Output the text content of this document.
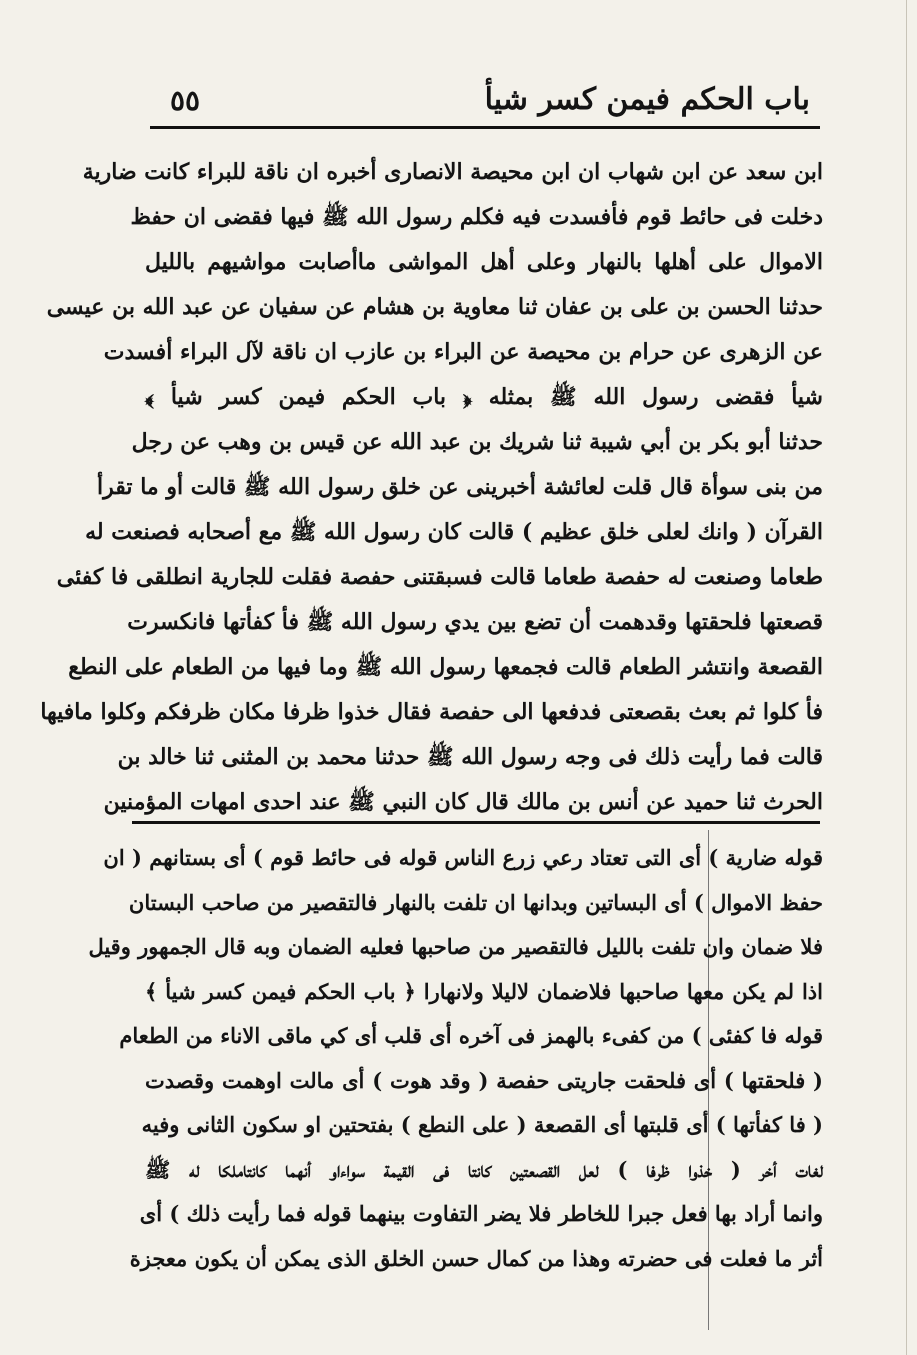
باب الحكم فيمن كسر شيأ
٥٥
ابن سعد عن ابن شهاب ان ابن محيصة الانصارى أخبره ان ناقة للبراء كانت ضارية
دخلت فى حائط قوم فأفسدت فيه فكلم رسول الله ﷺ فيها فقضى ان حفظ
الاموال على أهلها بالنهار وعلى أهل المواشى ماأصابت مواشيهم بالليل
حدثنا الحسن بن على بن عفان ثنا معاوية بن هشام عن سفيان عن عبد الله بن عيسى
عن الزهرى عن حرام بن محيصة عن البراء بن عازب ان ناقة لآل البراء أفسدت
شيأ فقضى رسول الله ﷺ بمثله ﴿ باب الحكم فيمن كسر شيأ ﴾
حدثنا أبو بكر بن أبي شيبة ثنا شريك بن عبد الله عن قيس بن وهب عن رجل
من بنى سوأة قال قلت لعائشة أخبرينى عن خلق رسول الله ﷺ قالت أو ما تقرأ
القرآن ( وانك لعلى خلق عظيم ) قالت كان رسول الله ﷺ مع أصحابه فصنعت له
طعاما وصنعت له حفصة طعاما قالت فسبقتنى حفصة فقلت للجارية انطلقى فا كفئى
قصعتها فلحقتها وقدهمت أن تضع بين يدي رسول الله ﷺ فأ كفأتها فانكسرت
القصعة وانتشر الطعام قالت فجمعها رسول الله ﷺ وما فيها من الطعام على النطع
فأ كلوا ثم بعث بقصعتى فدفعها الى حفصة فقال خذوا ظرفا مكان ظرفكم وكلوا مافيها
قالت فما رأيت ذلك فى وجه رسول الله ﷺ حدثنا محمد بن المثنى ثنا خالد بن
الحرث ثنا حميد عن أنس بن مالك قال كان النبي ﷺ عند احدى امهات المؤمنين
قوله ضارية ) أى التى تعتاد رعي زرع الناس قوله فى حائط قوم ) أى بستانهم ( ان
حفظ الاموال ) أى البساتين وبدانها ان تلفت بالنهار فالتقصير من صاحب البستان
فلا ضمان وان تلفت بالليل فالتقصير من صاحبها فعليه الضمان وبه قال الجمهور وقيل
اذا لم يكن معها صاحبها فلاضمان لاليلا ولانهارا ﴿ باب الحكم فيمن كسر شيأ ﴾
قوله فا كفئى ) من كفىء بالهمز فى آخره أى قلب أى كي ماقى الاناء من الطعام
( فلحقتها ) أى فلحقت جاريتى حفصة ( وقد هوت ) أى مالت اوهمت وقصدت
( فا كفأتها ) أى قلبتها أى القصعة ( على النطع ) بفتحتين او سكون الثانى وفيه
لغات أخر ( خذوا ظرفا ) لعل القصعتين كانتا فى القيمة سواءاو أنهما كانتاملكا له ﷺ
وانما أراد بها فعل جبرا للخاطر فلا يضر التفاوت بينهما قوله فما رأيت ذلك ) أى
أثر ما فعلت فى حضرته وهذا من كمال حسن الخلق الذى يمكن أن يكون معجزة
